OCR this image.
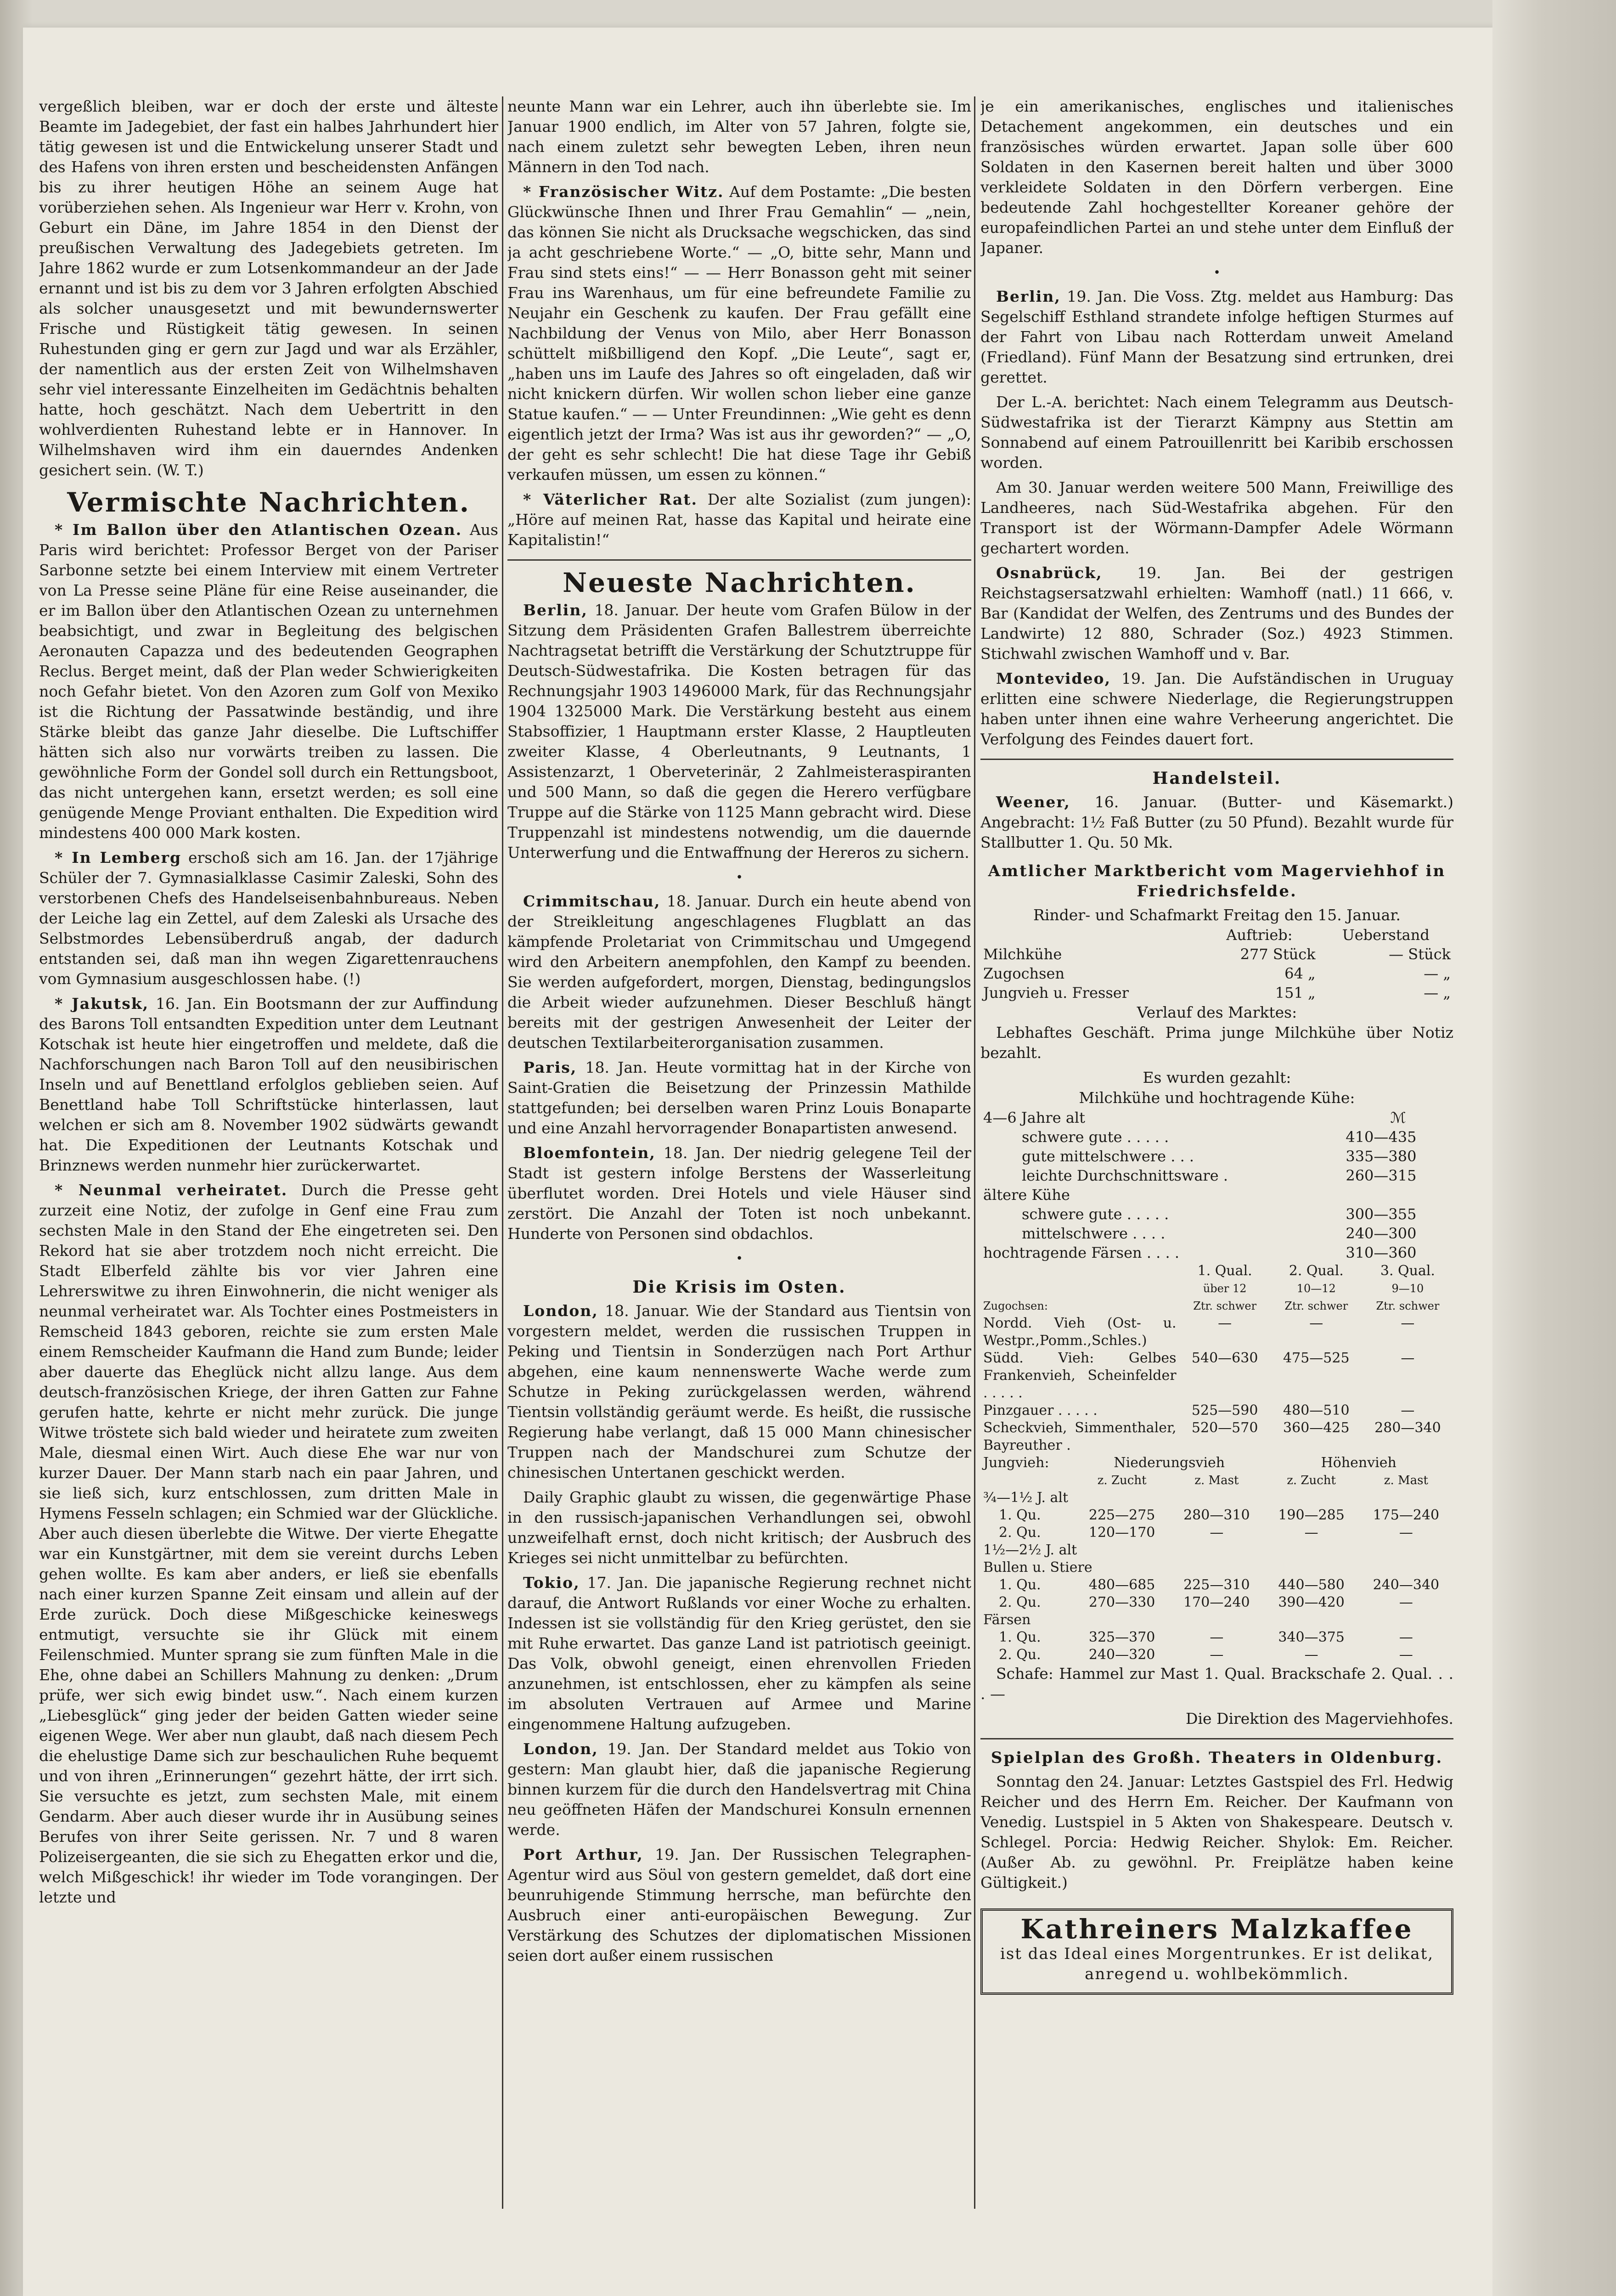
vergeßlich bleiben, war er doch der erste und älteste Beamte im Jadegebiet, der fast ein halbes Jahrhundert hier tätig gewesen ist und die Entwickelung unserer Stadt und des Hafens von ihren ersten und bescheidensten Anfängen bis zu ihrer heutigen Höhe an seinem Auge hat vorüberziehen sehen. Als Ingenieur war Herr v. Krohn, von Geburt ein Däne, im Jahre 1854 in den Dienst der preußischen Verwaltung des Jadegebiets getreten. Im Jahre 1862 wurde er zum Lotsenkommandeur an der Jade ernannt und ist bis zu dem vor 3 Jahren erfolgten Abschied als solcher unausgesetzt und mit bewundernswerter Frische und Rüstigkeit tätig gewesen. In seinen Ruhestunden ging er gern zur Jagd und war als Erzähler, der namentlich aus der ersten Zeit von Wilhelmshaven sehr viel interessante Einzelheiten im Gedächtnis behalten hatte, hoch geschätzt. Nach dem Uebertritt in den wohlverdienten Ruhestand lebte er in Hannover. In Wilhelmshaven wird ihm ein dauerndes Andenken gesichert sein. (W. T.)

Vermischte Nachrichten.

* Im Ballon über den Atlantischen Ozean. Aus Paris wird berichtet: Professor Berget von der Pariser Sarbonne setzte bei einem Interview mit einem Vertreter von La Presse seine Pläne für eine Reise auseinander, die er im Ballon über den Atlantischen Ozean zu unternehmen beabsichtigt, und zwar in Begleitung des belgischen Aeronauten Capazza und des bedeutenden Geographen Reclus. Berget meint, daß der Plan weder Schwierigkeiten noch Gefahr bietet. Von den Azoren zum Golf von Mexiko ist die Richtung der Passatwinde beständig, und ihre Stärke bleibt das ganze Jahr dieselbe. Die Luftschiffer hätten sich also nur vorwärts treiben zu lassen. Die gewöhnliche Form der Gondel soll durch ein Rettungsboot, das nicht untergehen kann, ersetzt werden; es soll eine genügende Menge Proviant enthalten. Die Expedition wird mindestens 400 000 Mark kosten.

* In Lemberg erschoß sich am 16. Jan. der 17jährige Schüler der 7. Gymnasialklasse Casimir Zaleski, Sohn des verstorbenen Chefs des Handelseisenbahnbureaus. Neben der Leiche lag ein Zettel, auf dem Zaleski als Ursache des Selbstmordes Lebensüberdruß angab, der dadurch entstanden sei, daß man ihn wegen Zigarettenrauchens vom Gymnasium ausgeschlossen habe. (!)

* Jakutsk, 16. Jan. Ein Bootsmann der zur Auffindung des Barons Toll entsandten Expedition unter dem Leutnant Kotschak ist heute hier eingetroffen und meldete, daß die Nachforschungen nach Baron Toll auf den neusibirischen Inseln und auf Benettland erfolglos geblieben seien. Auf Benettland habe Toll Schriftstücke hinterlassen, laut welchen er sich am 8. November 1902 südwärts gewandt hat. Die Expeditionen der Leutnants Kotschak und Brinznews werden nunmehr hier zurückerwartet.

* Neunmal verheiratet. Durch die Presse geht zurzeit eine Notiz, der zufolge in Genf eine Frau zum sechsten Male in den Stand der Ehe eingetreten sei. Den Rekord hat sie aber trotzdem noch nicht erreicht. Die Stadt Elberfeld zählte bis vor vier Jahren eine Lehrerswitwe zu ihren Einwohnerin, die nicht weniger als neunmal verheiratet war. Als Tochter eines Postmeisters in Remscheid 1843 geboren, reichte sie zum ersten Male einem Remscheider Kaufmann die Hand zum Bunde; leider aber dauerte das Eheglück nicht allzu lange. Aus dem deutsch-französischen Kriege, der ihren Gatten zur Fahne gerufen hatte, kehrte er nicht mehr zurück. Die junge Witwe tröstete sich bald wieder und heiratete zum zweiten Male, diesmal einen Wirt. Auch diese Ehe war nur von kurzer Dauer. Der Mann starb nach ein paar Jahren, und sie ließ sich, kurz entschlossen, zum dritten Male in Hymens Fesseln schlagen; ein Schmied war der Glückliche. Aber auch diesen überlebte die Witwe. Der vierte Ehegatte war ein Kunstgärtner, mit dem sie vereint durchs Leben gehen wollte. Es kam aber anders, er ließ sie ebenfalls nach einer kurzen Spanne Zeit einsam und allein auf der Erde zurück. Doch diese Mißgeschicke keineswegs entmutigt, versuchte sie ihr Glück mit einem Feilenschmied. Munter sprang sie zum fünften Male in die Ehe, ohne dabei an Schillers Mahnung zu denken: „Drum prüfe, wer sich ewig bindet usw.“. Nach einem kurzen „Liebesglück“ ging jeder der beiden Gatten wieder seine eigenen Wege. Wer aber nun glaubt, daß nach diesem Pech die ehelustige Dame sich zur beschaulichen Ruhe bequemt und von ihren „Erinnerungen“ gezehrt hätte, der irrt sich. Sie versuchte es jetzt, zum sechsten Male, mit einem Gendarm. Aber auch dieser wurde ihr in Ausübung seines Berufes von ihrer Seite gerissen. Nr. 7 und 8 waren Polizeisergeanten, die sie sich zu Ehegatten erkor und die, welch Mißgeschick! ihr wieder im Tode vorangingen. Der letzte und

neunte Mann war ein Lehrer, auch ihn überlebte sie. Im Januar 1900 endlich, im Alter von 57 Jahren, folgte sie, nach einem zuletzt sehr bewegten Leben, ihren neun Männern in den Tod nach.

* Französischer Witz. Auf dem Postamte: „Die besten Glückwünsche Ihnen und Ihrer Frau Gemahlin“ — „nein, das können Sie nicht als Drucksache wegschicken, das sind ja acht geschriebene Worte.“ — „O, bitte sehr, Mann und Frau sind stets eins!“ — — Herr Bonasson geht mit seiner Frau ins Warenhaus, um für eine befreundete Familie zu Neujahr ein Geschenk zu kaufen. Der Frau gefällt eine Nachbildung der Venus von Milo, aber Herr Bonasson schüttelt mißbilligend den Kopf. „Die Leute“, sagt er, „haben uns im Laufe des Jahres so oft eingeladen, daß wir nicht knickern dürfen. Wir wollen schon lieber eine ganze Statue kaufen.“ — — Unter Freundinnen: „Wie geht es denn eigentlich jetzt der Irma? Was ist aus ihr geworden?“ — „O, der geht es sehr schlecht! Die hat diese Tage ihr Gebiß verkaufen müssen, um essen zu können.“

* Väterlicher Rat. Der alte Sozialist (zum jungen): „Höre auf meinen Rat, hasse das Kapital und heirate eine Kapitalistin!“

Neueste Nachrichten.

Berlin, 18. Januar. Der heute vom Grafen Bülow in der Sitzung dem Präsidenten Grafen Ballestrem überreichte Nachtragsetat betrifft die Verstärkung der Schutztruppe für Deutsch-Südwestafrika. Die Kosten betragen für das Rechnungsjahr 1903 1496000 Mark, für das Rechnungsjahr 1904 1325000 Mark. Die Verstärkung besteht aus einem Stabsoffizier, 1 Hauptmann erster Klasse, 2 Hauptleuten zweiter Klasse, 4 Oberleutnants, 9 Leutnants, 1 Assistenzarzt, 1 Oberveterinär, 2 Zahlmeisteraspiranten und 500 Mann, so daß die gegen die Herero verfügbare Truppe auf die Stärke von 1125 Mann gebracht wird. Diese Truppenzahl ist mindestens notwendig, um die dauernde Unterwerfung und die Entwaffnung der Hereros zu sichern.

•

Crimmitschau, 18. Januar. Durch ein heute abend von der Streikleitung angeschlagenes Flugblatt an das kämpfende Proletariat von Crimmitschau und Umgegend wird den Arbeitern anempfohlen, den Kampf zu beenden. Sie werden aufgefordert, morgen, Dienstag, bedingungslos die Arbeit wieder aufzunehmen. Dieser Beschluß hängt bereits mit der gestrigen Anwesenheit der Leiter der deutschen Textilarbeiterorganisation zusammen.

Paris, 18. Jan. Heute vormittag hat in der Kirche von Saint-Gratien die Beisetzung der Prinzessin Mathilde stattgefunden; bei derselben waren Prinz Louis Bonaparte und eine Anzahl hervorragender Bonapartisten anwesend.

Bloemfontein, 18. Jan. Der niedrig gelegene Teil der Stadt ist gestern infolge Berstens der Wasserleitung überflutet worden. Drei Hotels und viele Häuser sind zerstört. Die Anzahl der Toten ist noch unbekannt. Hunderte von Personen sind obdachlos.

•
Die Krisis im Osten.

London, 18. Januar. Wie der Standard aus Tientsin von vorgestern meldet, werden die russischen Truppen in Peking und Tientsin in Sonderzügen nach Port Arthur abgehen, eine kaum nennenswerte Wache werde zum Schutze in Peking zurückgelassen werden, während Tientsin vollständig geräumt werde. Es heißt, die russische Regierung habe verlangt, daß 15 000 Mann chinesischer Truppen nach der Mandschurei zum Schutze der chinesischen Untertanen geschickt werden.

Daily Graphic glaubt zu wissen, die gegenwärtige Phase in den russisch-japanischen Verhandlungen sei, obwohl unzweifelhaft ernst, doch nicht kritisch; der Ausbruch des Krieges sei nicht unmittelbar zu befürchten.

Tokio, 17. Jan. Die japanische Regierung rechnet nicht darauf, die Antwort Rußlands vor einer Woche zu erhalten. Indessen ist sie vollständig für den Krieg gerüstet, den sie mit Ruhe erwartet. Das ganze Land ist patriotisch geeinigt. Das Volk, obwohl geneigt, einen ehrenvollen Frieden anzunehmen, ist entschlossen, eher zu kämpfen als seine im absoluten Vertrauen auf Armee und Marine eingenommene Haltung aufzugeben.

London, 19. Jan. Der Standard meldet aus Tokio von gestern: Man glaubt hier, daß die japanische Regierung binnen kurzem für die durch den Handelsvertrag mit China neu geöffneten Häfen der Mandschurei Konsuln ernennen werde.

Port Arthur, 19. Jan. Der Russischen Telegraphen-Agentur wird aus Söul von gestern gemeldet, daß dort eine beunruhigende Stimmung herrsche, man befürchte den Ausbruch einer anti-europäischen Bewegung. Zur Verstärkung des Schutzes der diplomatischen Missionen seien dort außer einem russischen

je ein amerikanisches, englisches und italienisches Detachement angekommen, ein deutsches und ein französisches würden erwartet. Japan solle über 600 Soldaten in den Kasernen bereit halten und über 3000 verkleidete Soldaten in den Dörfern verbergen. Eine bedeutende Zahl hochgestellter Koreaner gehöre der europafeindlichen Partei an und stehe unter dem Einfluß der Japaner.

•

Berlin, 19. Jan. Die Voss. Ztg. meldet aus Hamburg: Das Segelschiff Esthland strandete infolge heftigen Sturmes auf der Fahrt von Libau nach Rotterdam unweit Ameland (Friedland). Fünf Mann der Besatzung sind ertrunken, drei gerettet.

Der L.-A. berichtet: Nach einem Telegramm aus Deutsch-Südwestafrika ist der Tierarzt Kämpny aus Stettin am Sonnabend auf einem Patrouillenritt bei Karibib erschossen worden.

Am 30. Januar werden weitere 500 Mann, Freiwillige des Landheeres, nach Süd-Westafrika abgehen. Für den Transport ist der Wörmann-Dampfer Adele Wörmann gechartert worden.

Osnabrück, 19. Jan. Bei der gestrigen Reichstagsersatzwahl erhielten: Wamhoff (natl.) 11 666, v. Bar (Kandidat der Welfen, des Zentrums und des Bundes der Landwirte) 12 880, Schrader (Soz.) 4923 Stimmen. Stichwahl zwischen Wamhoff und v. Bar.

Montevideo, 19. Jan. Die Aufständischen in Uruguay erlitten eine schwere Niederlage, die Regierungstruppen haben unter ihnen eine wahre Verheerung angerichtet. Die Verfolgung des Feindes dauert fort.

Handelsteil.

Weener, 16. Januar. (Butter- und Käsemarkt.) Angebracht: 1½ Faß Butter (zu 50 Pfund). Bezahlt wurde für Stallbutter 1. Qu. 50 Mk.

Amtlicher Marktbericht vom Magerviehhof in Friedrichsfelde.
Rinder- und Schafmarkt Freitag den 15. Januar.
	Auftrieb:	Ueberstand
Milchkühe	277 Stück	— Stück
Zugochsen	64 „	— „
Jungvieh u. Fresser	151 „	— „
Verlauf des Marktes:

Lebhaftes Geschäft. Prima junge Milchkühe über Notiz bezahlt.

Es wurden gezahlt:
Milchkühe und hochtragende Kühe:
4—6 Jahre alt	ℳ
schwere gute . . . . .	410—435
gute mittelschwere . . .	335—380
leichte Durchschnittsware .	260—315
ältere Kühe	
schwere gute . . . . .	300—355
mittelschwere . . . .	240—300
hochtragende Färsen . . . .	310—360
	1. Qual.	2. Qual.	3. Qual.
	über 12	10—12	9—10
Zugochsen:	Ztr. schwer	Ztr. schwer	Ztr. schwer
Nordd. Vieh (Ost- u. Westpr.,Pomm.,Schles.)	—	—	—
Südd. Vieh: Gelbes Frankenvieh, Scheinfelder . . . . .	540—630	475—525	—
Pinzgauer . . . . .	525—590	480—510	—
Scheckvieh, Simmenthaler, Bayreuther .	520—570	360—425	280—340
Jungvieh:	Niederungsvieh		Höhenvieh	
	z. Zucht	z. Mast	z. Zucht	z. Mast
¾—1½ J. alt				
1. Qu.	225—275	280—310	190—285	175—240
2. Qu.	120—170	—	—	—
1½—2½ J. alt				
Bullen u. Stiere				
1. Qu.	480—685	225—310	440—580	240—340
2. Qu.	270—330	170—240	390—420	—
Färsen				
1. Qu.	325—370	—	340—375	—
2. Qu.	240—320	—	—	—

Schafe: Hammel zur Mast 1. Qual. Brackschafe 2. Qual. . . . —

Die Direktion des Magerviehhofes.
Spielplan des Großh. Theaters in Oldenburg.

Sonntag den 24. Januar: Letztes Gastspiel des Frl. Hedwig Reicher und des Herrn Em. Reicher. Der Kaufmann von Venedig. Lustspiel in 5 Akten von Shakespeare. Deutsch v. Schlegel. Porcia: Hedwig Reicher. Shylok: Em. Reicher. (Außer Ab. zu gewöhnl. Pr. Freiplätze haben keine Gültigkeit.)

Kathreiners Malzkaffee
ist das Ideal eines Morgentrunkes. Er ist delikat, anregend u. wohlbekömmlich.
